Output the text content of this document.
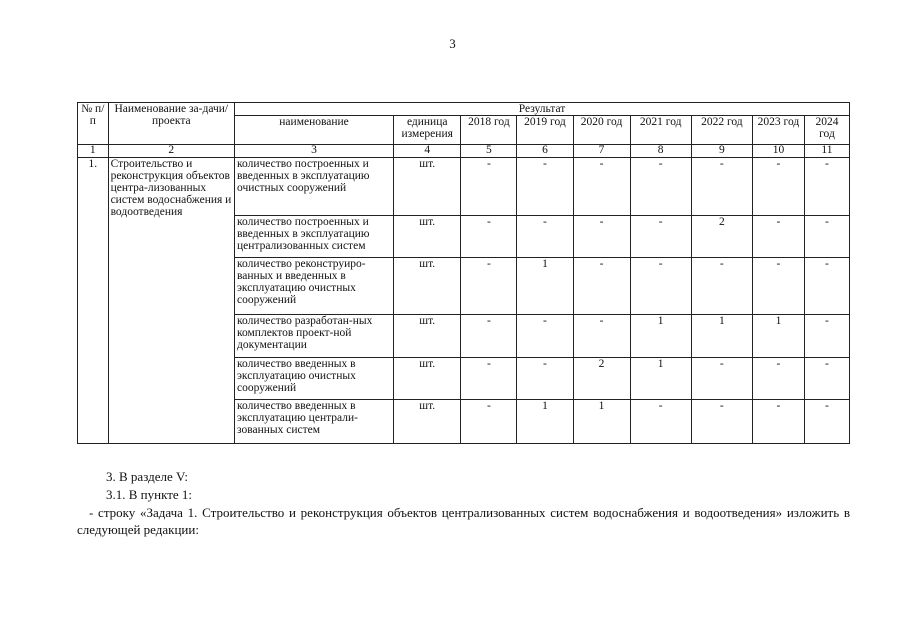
3
№ п/п	Наименование за-дачи/проекта	Результат								
		наименование	единица измерения	2018 год	2019 год	2020 год	2021 год	2022 год	2023 год	2024 год
1	2	3	4	5	6	7	8	9	10	11
1.	Строительство и реконструкция объектов центра-лизованных систем водоснабжения и водоотведения	количество построенных и введенных в эксплуатацию очистных сооружений	шт.	-	-	-	-	-	-	-
		количество построенных и введенных в эксплуатацию централизованных систем	шт.	-	-	-	-	2	-	-
		количество реконструиро-ванных и введенных в эксплуатацию очистных сооружений	шт.	-	1	-	-	-	-	-
		количество разработан-ных комплектов проект-ной документации	шт.	-	-	-	1	1	1	-
		количество введенных в эксплуатацию очистных сооружений	шт.	-	-	2	1	-	-	-
		количество введенных в эксплуатацию централи-зованных систем	шт.	-	1	1	-	-	-	-
3. В разделе V:
3.1. В пункте 1:
- строку «Задача 1. Строительство и реконструкция объектов централизованных систем водоснабжения и водоотведения» изложить в следующей редакции:
